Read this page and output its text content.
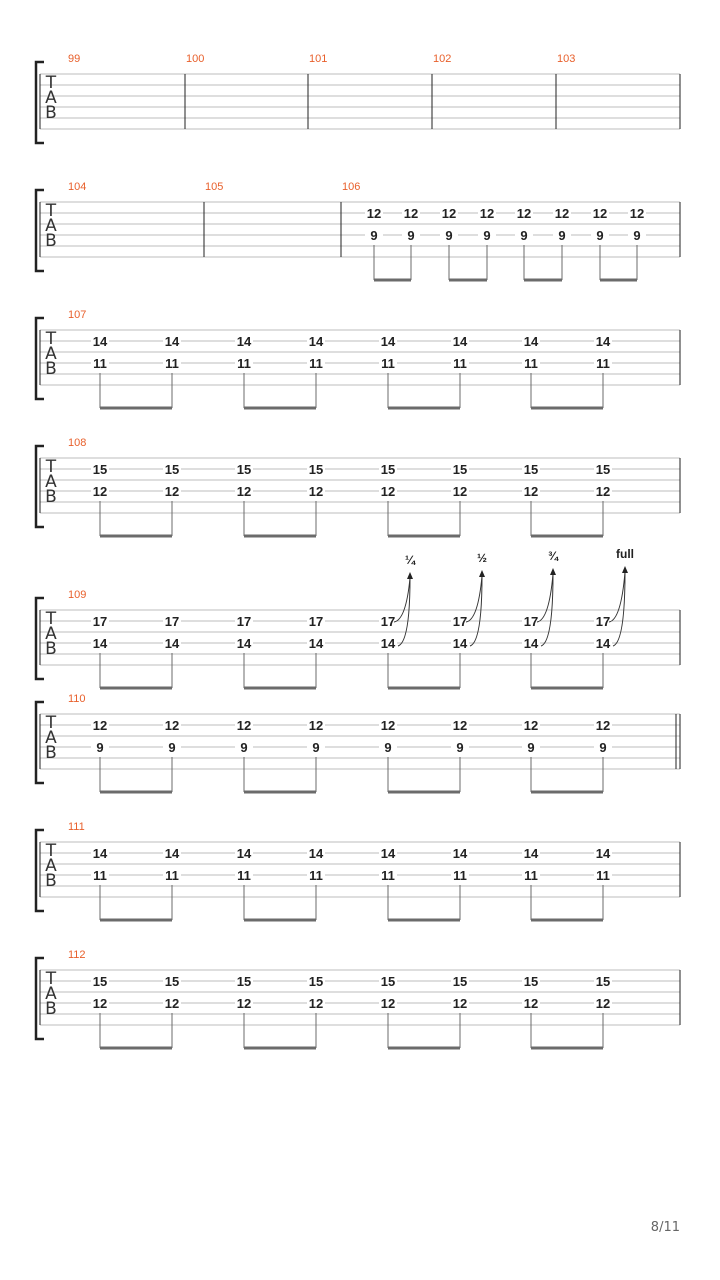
T
A
B
99	100	101	102	103
T
A
B
104	105	106
12
9
12
9
12
9
12
9
12
9
12
9
12
9
12
9
T
A
B
107
14
11
14
11
14
11
14
11
14
11
14
11
14
11
14
11
T
A
B
108
15
12
15
12
15
12
15
12
15
12
15
12
15
12
15
12
T
A
B
109
17
14
17
14
17
14
17
14
17
14
¼
17
14
½
17
14
¾
17
14
full
T
A
B
110
12
9
12
9
12
9
12
9
12
9
12
9
12
9
12
9
T
A
B
111
14
11
14
11
14
11
14
11
14
11
14
11
14
11
14
11
T
A
B
112
15
12
15
12
15
12
15
12
15
12
15
12
15
12
15
12
8/11
